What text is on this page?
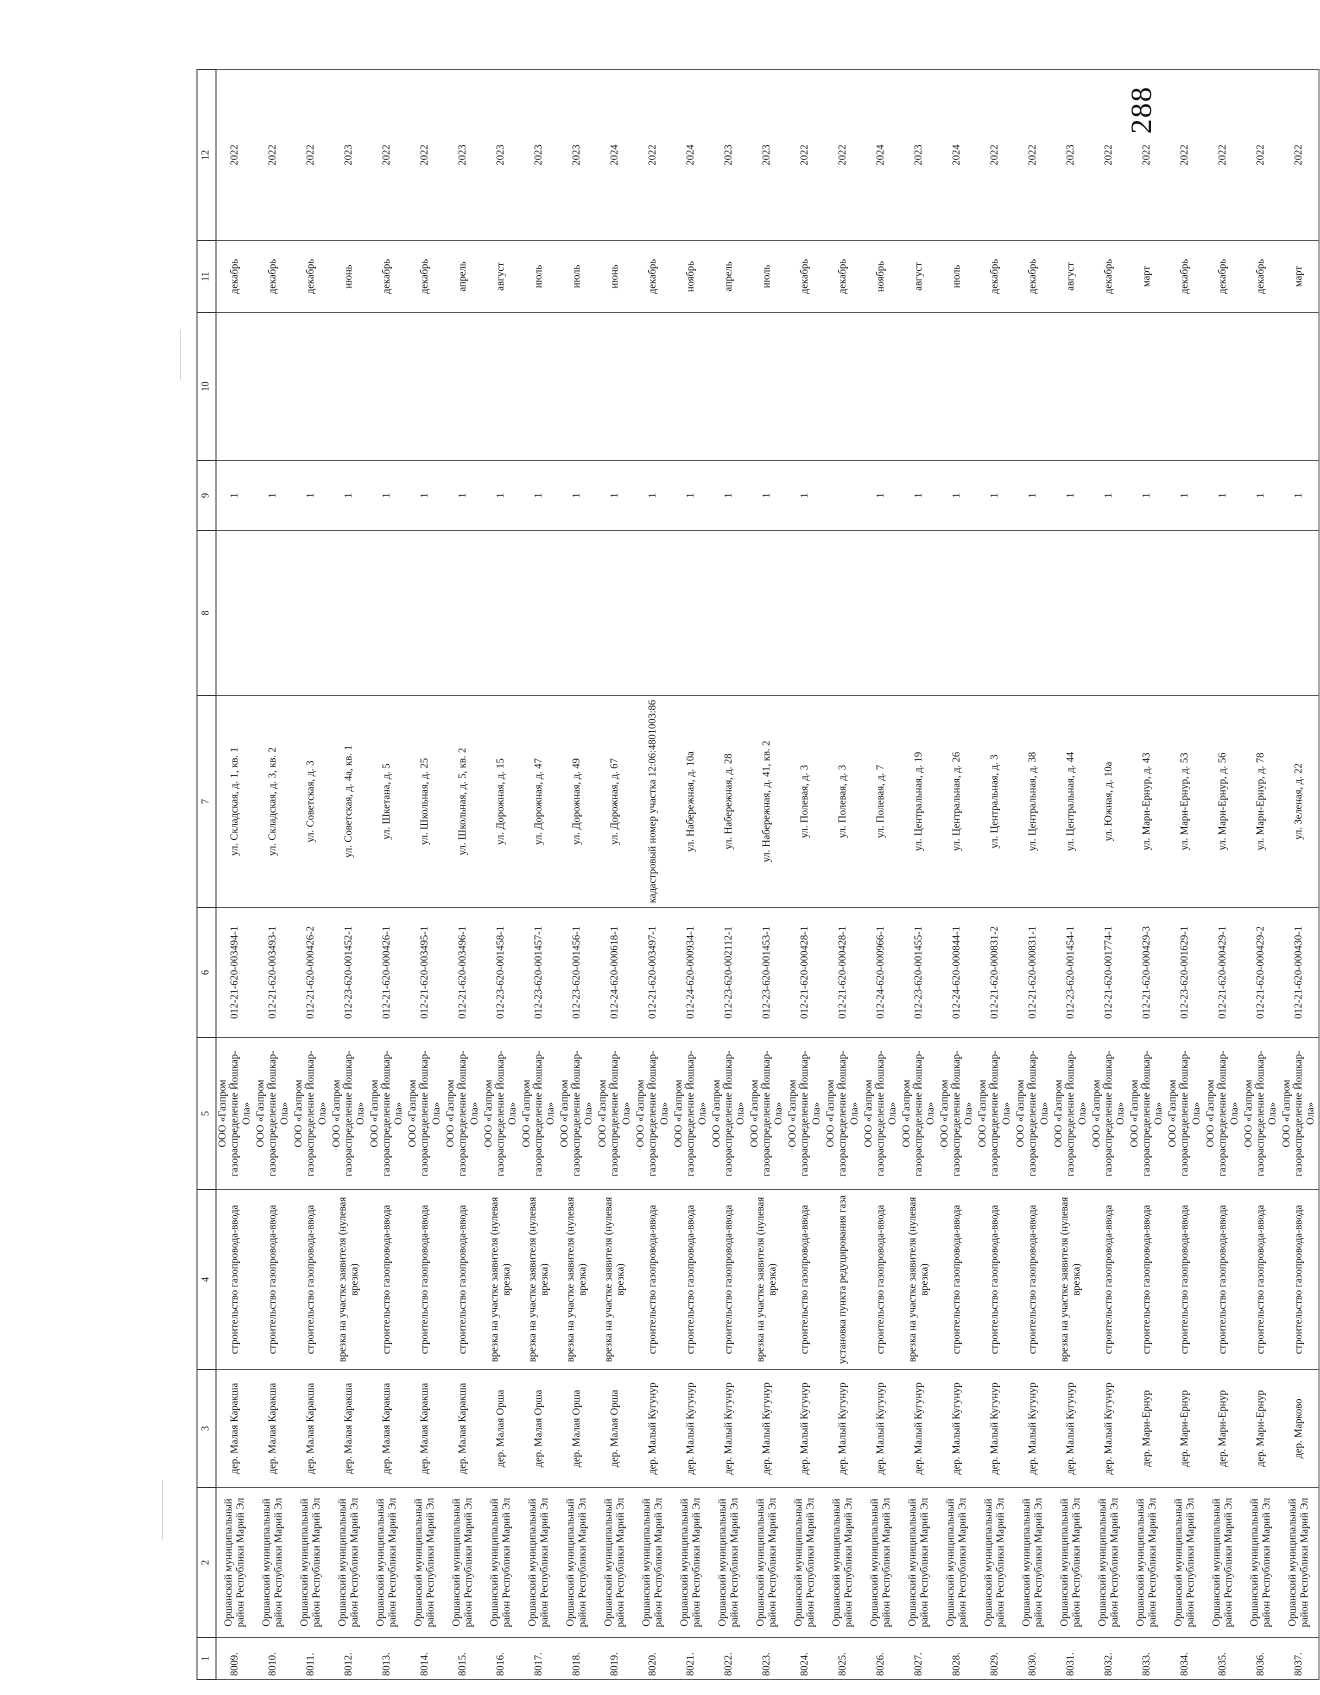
288
1	2	3	4	5	6	7	8	9	10	11	12
8009.	Оршанский муниципальный район Республики Марий Эл	дер. Малая Каракша	строительство газопровода-ввода	ООО «Газпром газораспределение Йошкар-Ола»	012-21-620-003494-1	ул. Складская, д. 1, кв. 1		1		декабрь	2022
8010.	Оршанский муниципальный район Республики Марий Эл	дер. Малая Каракша	строительство газопровода-ввода	ООО «Газпром газораспределение Йошкар-Ола»	012-21-620-003493-1	ул. Складская, д. 3, кв. 2		1		декабрь	2022
8011.	Оршанский муниципальный район Республики Марий Эл	дер. Малая Каракша	строительство газопровода-ввода	ООО «Газпром газораспределение Йошкар-Ола»	012-21-620-000426-2	ул. Советская, д. 3		1		декабрь	2022
8012.	Оршанский муниципальный район Республики Марий Эл	дер. Малая Каракша	врезка на участке заявителя (нулевая врезка)	ООО «Газпром газораспределение Йошкар-Ола»	012-23-620-001452-1	ул. Советская, д. 4а, кв. 1		1		июнь	2023
8013.	Оршанский муниципальный район Республики Марий Эл	дер. Малая Каракша	строительство газопровода-ввода	ООО «Газпром газораспределение Йошкар-Ола»	012-21-620-000426-1	ул. Шкетана, д. 5		1		декабрь	2022
8014.	Оршанский муниципальный район Республики Марий Эл	дер. Малая Каракша	строительство газопровода-ввода	ООО «Газпром газораспределение Йошкар-Ола»	012-21-620-003495-1	ул. Школьная, д. 25		1		декабрь	2022
8015.	Оршанский муниципальный район Республики Марий Эл	дер. Малая Каракша	строительство газопровода-ввода	ООО «Газпром газораспределение Йошкар-Ола»	012-21-620-003496-1	ул. Школьная, д. 5, кв. 2		1		апрель	2023
8016.	Оршанский муниципальный район Республики Марий Эл	дер. Малая Орша	врезка на участке заявителя (нулевая врезка)	ООО «Газпром газораспределение Йошкар-Ола»	012-23-620-001458-1	ул. Дорожная, д. 15		1		август	2023
8017.	Оршанский муниципальный район Республики Марий Эл	дер. Малая Орша	врезка на участке заявителя (нулевая врезка)	ООО «Газпром газораспределение Йошкар-Ола»	012-23-620-001457-1	ул. Дорожная, д. 47		1		июль	2023
8018.	Оршанский муниципальный район Республики Марий Эл	дер. Малая Орша	врезка на участке заявителя (нулевая врезка)	ООО «Газпром газораспределение Йошкар-Ола»	012-23-620-001456-1	ул. Дорожная, д. 49		1		июль	2023
8019.	Оршанский муниципальный район Республики Марий Эл	дер. Малая Орша	врезка на участке заявителя (нулевая врезка)	ООО «Газпром газораспределение Йошкар-Ола»	012-24-620-000618-1	ул. Дорожная, д. 67		1		июнь	2024
8020.	Оршанский муниципальный район Республики Марий Эл	дер. Малый Кугунур	строительство газопровода-ввода	ООО «Газпром газораспределение Йошкар-Ола»	012-21-620-003497-1	кадастровый номер участка 12:06:4801003:86		1		декабрь	2022
8021.	Оршанский муниципальный район Республики Марий Эл	дер. Малый Кугунур	строительство газопровода-ввода	ООО «Газпром газораспределение Йошкар-Ола»	012-24-620-000934-1	ул. Набережная, д. 10а		1		ноябрь	2024
8022.	Оршанский муниципальный район Республики Марий Эл	дер. Малый Кугунур	строительство газопровода-ввода	ООО «Газпром газораспределение Йошкар-Ола»	012-23-620-002112-1	ул. Набережная, д. 28		1		апрель	2023
8023.	Оршанский муниципальный район Республики Марий Эл	дер. Малый Кугунур	врезка на участке заявителя (нулевая врезка)	ООО «Газпром газораспределение Йошкар-Ола»	012-23-620-001453-1	ул. Набережная, д. 41, кв. 2		1		июль	2023
8024.	Оршанский муниципальный район Республики Марий Эл	дер. Малый Кугунур	строительство газопровода-ввода	ООО «Газпром газораспределение Йошкар-Ола»	012-21-620-000428-1	ул. Полевая, д. 3		1		декабрь	2022
8025.	Оршанский муниципальный район Республики Марий Эл	дер. Малый Кугунур	установка пункта редуцирования газа	ООО «Газпром газораспределение Йошкар-Ола»	012-21-620-000428-1	ул. Полевая, д. 3				декабрь	2022
8026.	Оршанский муниципальный район Республики Марий Эл	дер. Малый Кугунур	строительство газопровода-ввода	ООО «Газпром газораспределение Йошкар-Ола»	012-24-620-000966-1	ул. Полевая, д. 7		1		ноябрь	2024
8027.	Оршанский муниципальный район Республики Марий Эл	дер. Малый Кугунур	врезка на участке заявителя (нулевая врезка)	ООО «Газпром газораспределение Йошкар-Ола»	012-23-620-001455-1	ул. Центральная, д. 19		1		август	2023
8028.	Оршанский муниципальный район Республики Марий Эл	дер. Малый Кугунур	строительство газопровода-ввода	ООО «Газпром газораспределение Йошкар-Ола»	012-24-620-000844-1	ул. Центральная, д. 26		1		июль	2024
8029.	Оршанский муниципальный район Республики Марий Эл	дер. Малый Кугунур	строительство газопровода-ввода	ООО «Газпром газораспределение Йошкар-Ола»	012-21-620-000831-2	ул. Центральная, д. 3		1		декабрь	2022
8030.	Оршанский муниципальный район Республики Марий Эл	дер. Малый Кугунур	строительство газопровода-ввода	ООО «Газпром газораспределение Йошкар-Ола»	012-21-620-000831-1	ул. Центральная, д. 38		1		декабрь	2022
8031.	Оршанский муниципальный район Республики Марий Эл	дер. Малый Кугунур	врезка на участке заявителя (нулевая врезка)	ООО «Газпром газораспределение Йошкар-Ола»	012-23-620-001454-1	ул. Центральная, д. 44		1		август	2023
8032.	Оршанский муниципальный район Республики Марий Эл	дер. Малый Кугунур	строительство газопровода-ввода	ООО «Газпром газораспределение Йошкар-Ола»	012-21-620-001774-1	ул. Южная, д. 10а		1		декабрь	2022
8033.	Оршанский муниципальный район Республики Марий Эл	дер. Мари-Ернур	строительство газопровода-ввода	ООО «Газпром газораспределение Йошкар-Ола»	012-21-620-000429-3	ул. Мари-Ернур, д. 43		1		март	2022
8034.	Оршанский муниципальный район Республики Марий Эл	дер. Мари-Ернур	строительство газопровода-ввода	ООО «Газпром газораспределение Йошкар-Ола»	012-23-620-001629-1	ул. Мари-Ернур, д. 53		1		декабрь	2022
8035.	Оршанский муниципальный район Республики Марий Эл	дер. Мари-Ернур	строительство газопровода-ввода	ООО «Газпром газораспределение Йошкар-Ола»	012-21-620-000429-1	ул. Мари-Ернур, д. 56		1		декабрь	2022
8036.	Оршанский муниципальный район Республики Марий Эл	дер. Мари-Ернур	строительство газопровода-ввода	ООО «Газпром газораспределение Йошкар-Ола»	012-21-620-000429-2	ул. Мари-Ернур, д. 78		1		декабрь	2022
8037.	Оршанский муниципальный район Республики Марий Эл	дер. Марково	строительство газопровода-ввода	ООО «Газпром газораспределение Йошкар-Ола»	012-21-620-000430-1	ул. Зеленая, д. 22		1		март	2022
